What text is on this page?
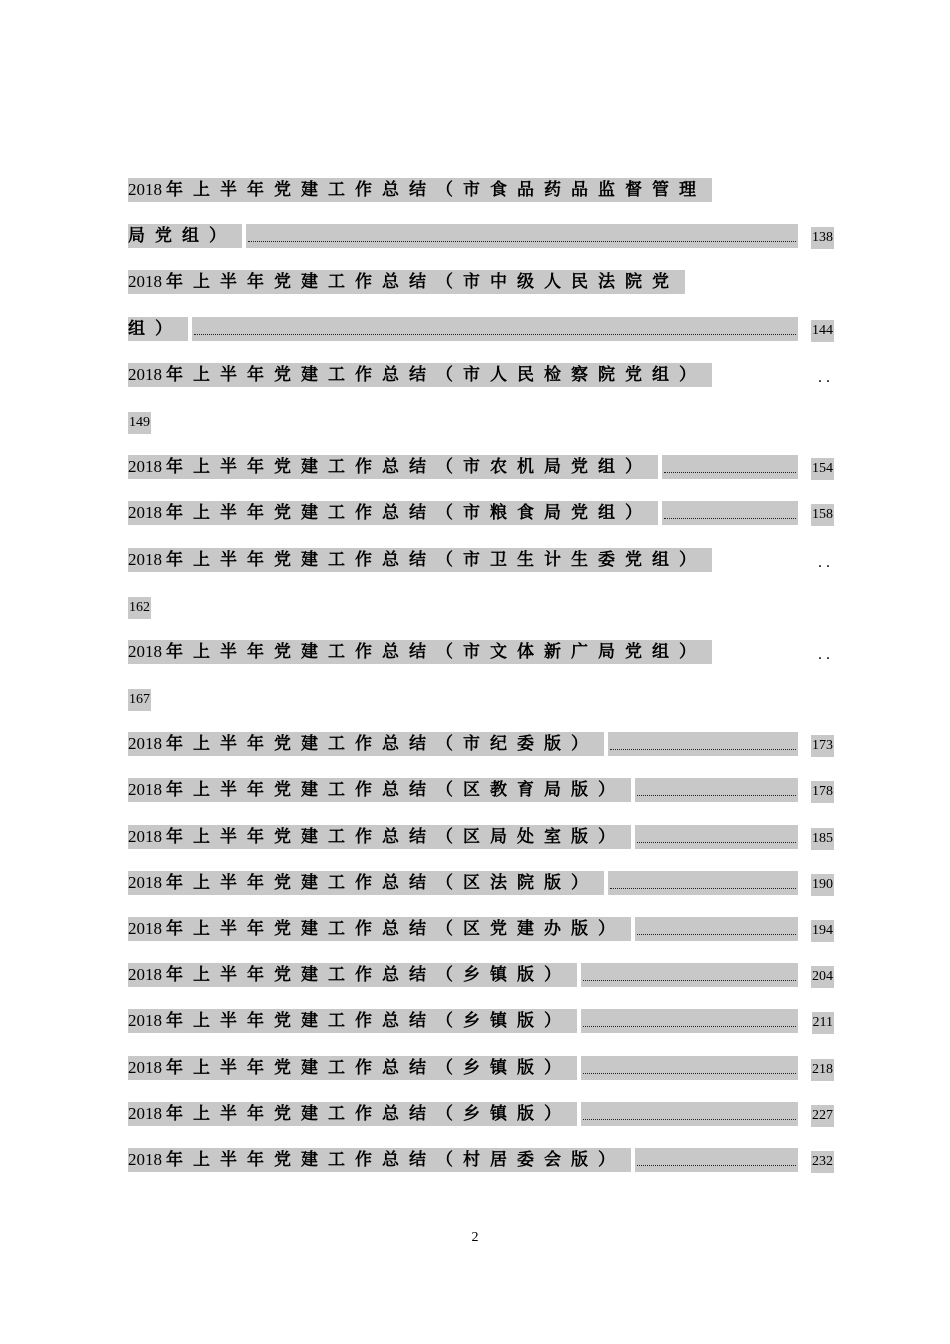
2018 年上半年党建工作总结（市食品药品监督管理
局党组）	138
2018 年上半年党建工作总结（市中级人民法院党
组）	144
2018 年上半年党建工作总结（市人民检察院党组）	..
149
2018 年上半年党建工作总结（市农机局党组）	154
2018 年上半年党建工作总结（市粮食局党组）	158
2018 年上半年党建工作总结（市卫生计生委党组）	..
162
2018 年上半年党建工作总结（市文体新广局党组）	..
167
2018 年上半年党建工作总结（市纪委版）	173
2018 年上半年党建工作总结（区教育局版）	178
2018 年上半年党建工作总结（区局处室版）	185
2018 年上半年党建工作总结（区法院版）	190
2018 年上半年党建工作总结（区党建办版）	194
2018 年上半年党建工作总结（乡镇版）	204
2018 年上半年党建工作总结（乡镇版）	211
2018 年上半年党建工作总结（乡镇版）	218
2018 年上半年党建工作总结（乡镇版）	227
2018 年上半年党建工作总结（村居委会版）	232
2
